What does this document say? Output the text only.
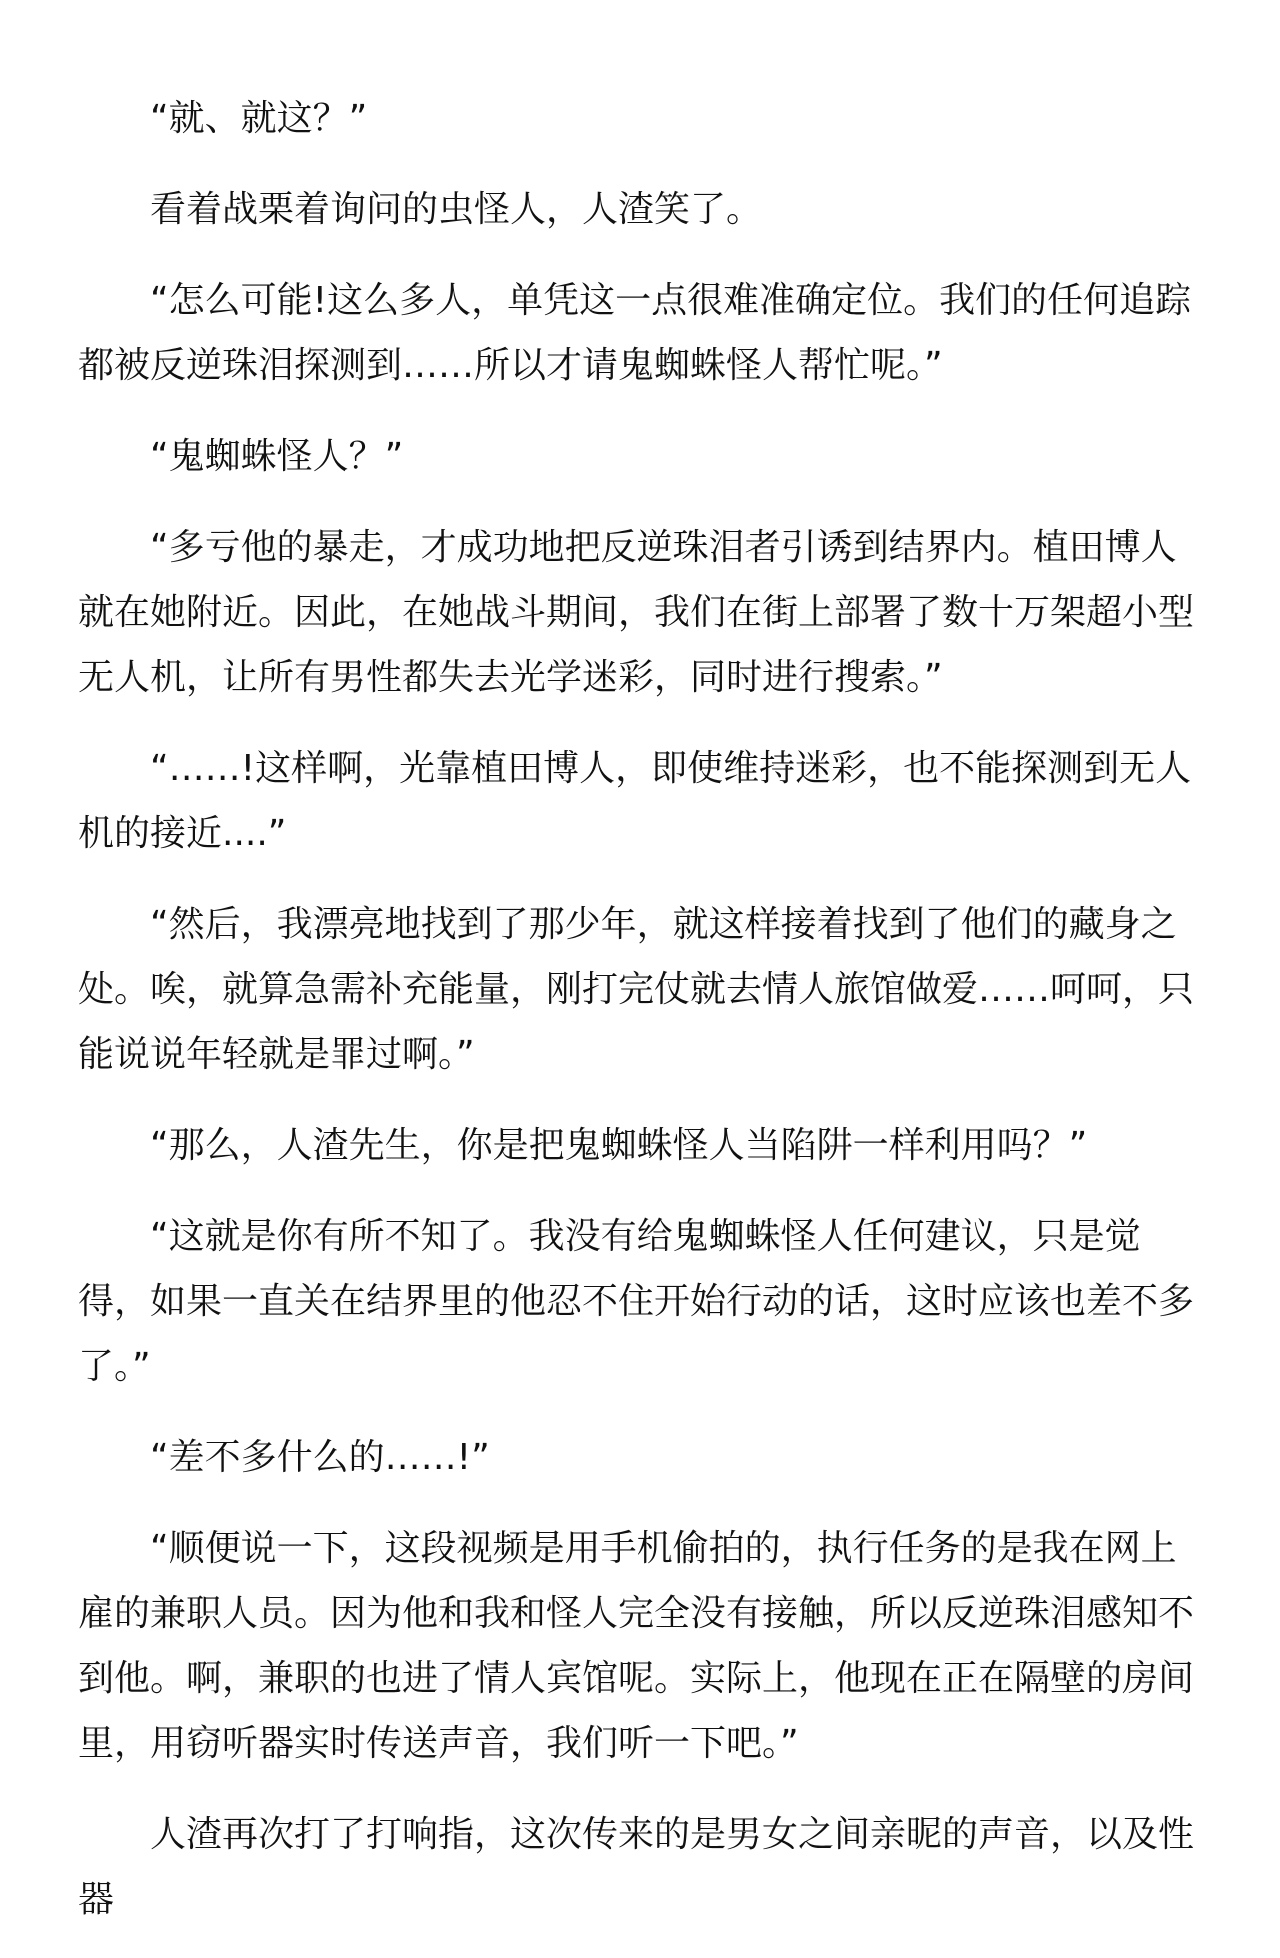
“就、就这？”

看着战栗着询问的虫怪人，人渣笑了。

“怎么可能!这么多人，单凭这一点很难准确定位。我们的任何追踪都被反逆珠泪探测到……所以才请鬼蜘蛛怪人帮忙呢。”

“鬼蜘蛛怪人？”

“多亏他的暴走，才成功地把反逆珠泪者引诱到结界内。植田博人就在她附近。因此，在她战斗期间，我们在街上部署了数十万架超小型无人机，让所有男性都失去光学迷彩，同时进行搜索。”

“……!这样啊，光靠植田博人，即使维持迷彩，也不能探测到无人机的接近....”

“然后，我漂亮地找到了那少年，就这样接着找到了他们的藏身之处。唉，就算急需补充能量，刚打完仗就去情人旅馆做爱……呵呵，只能说说年轻就是罪过啊。”

“那么，人渣先生，你是把鬼蜘蛛怪人当陷阱一样利用吗？”

“这就是你有所不知了。我没有给鬼蜘蛛怪人任何建议，只是觉得，如果一直关在结界里的他忍不住开始行动的话，这时应该也差不多了。”

“差不多什么的……!”

“顺便说一下，这段视频是用手机偷拍的，执行任务的是我在网上雇的兼职人员。因为他和我和怪人完全没有接触，所以反逆珠泪感知不到他。啊，兼职的也进了情人宾馆呢。实际上，他现在正在隔壁的房间里，用窃听器实时传送声音，我们听一下吧。”

人渣再次打了打响指，这次传来的是男女之间亲昵的声音，以及性器
